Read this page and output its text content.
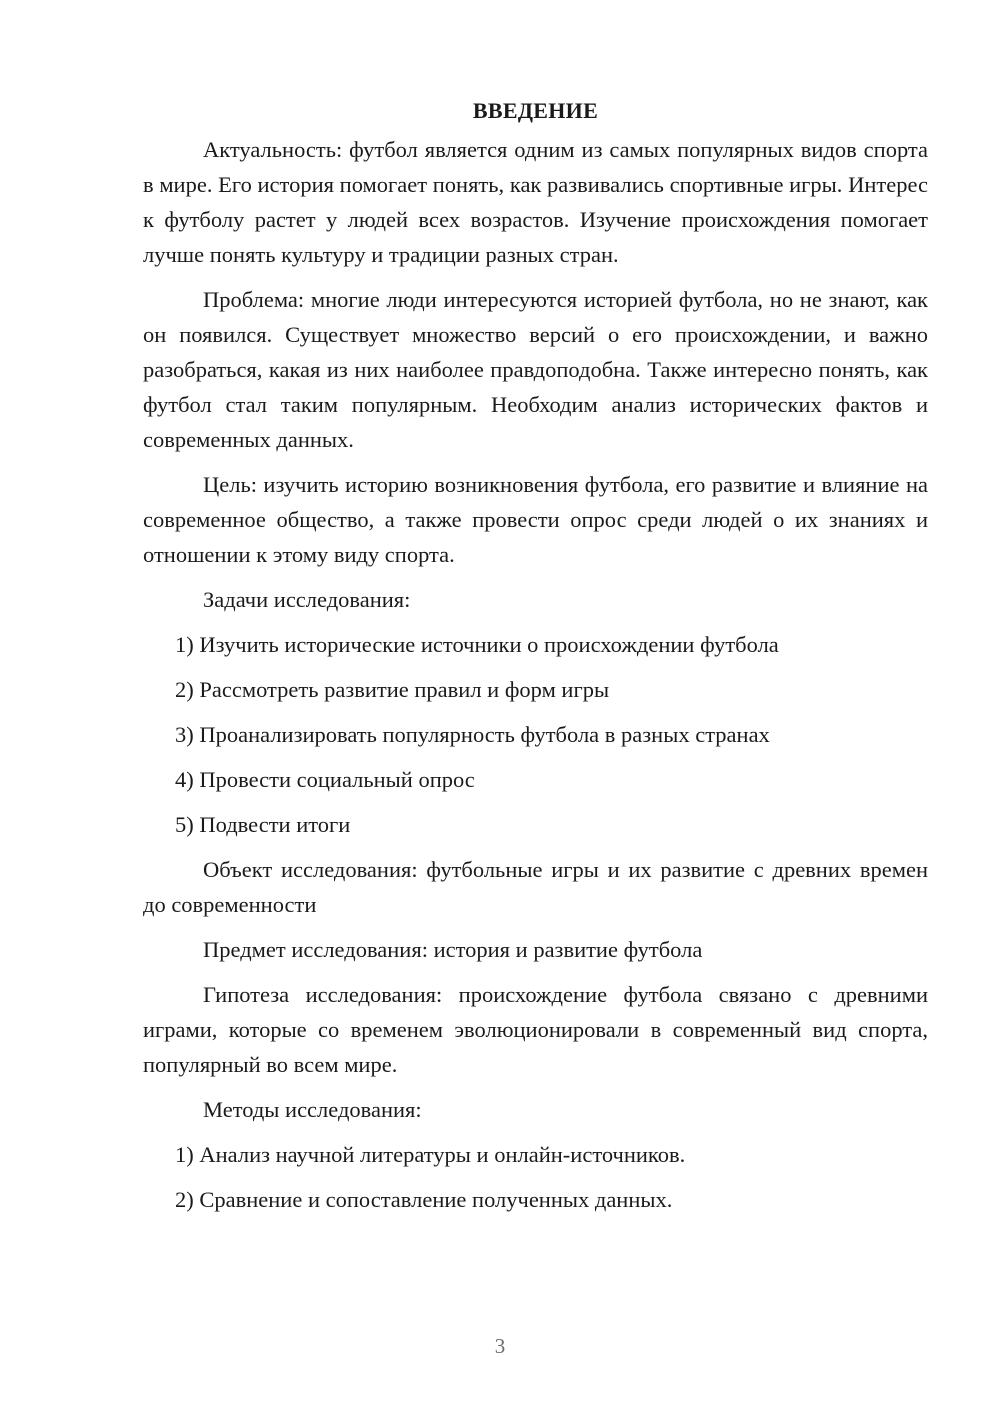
ВВЕДЕНИЕ

Актуальность: футбол является одним из самых популярных видов спорта в мире. Его история помогает понять, как развивались спортивные игры. Интерес к футболу растет у людей всех возрастов. Изучение происхождения помогает лучше понять культуру и традиции разных стран.

Проблема: многие люди интересуются историей футбола, но не знают, как он появился. Существует множество версий о его происхождении, и важно разобраться, какая из них наиболее правдоподобна. Также интересно понять, как футбол стал таким популярным. Необходим анализ исторических фактов и современных данных.

Цель: изучить историю возникновения футбола, его развитие и влияние на современное общество, а также провести опрос среди людей о их знаниях и отношении к этому виду спорта.

Задачи исследования:

1) Изучить исторические источники о происхождении футбола
2) Рассмотреть развитие правил и форм игры
3) Проанализировать популярность футбола в разных странах
4) Провести социальный опрос
5) Подвести итоги

Объект исследования: футбольные игры и их развитие с древних времен до современности

Предмет исследования: история и развитие футбола

Гипотеза исследования: происхождение футбола связано с древними играми, которые со временем эволюционировали в современный вид спорта, популярный во всем мире.

Методы исследования:

1) Анализ научной литературы и онлайн-источников.
2) Сравнение и сопоставление полученных данных.
3
